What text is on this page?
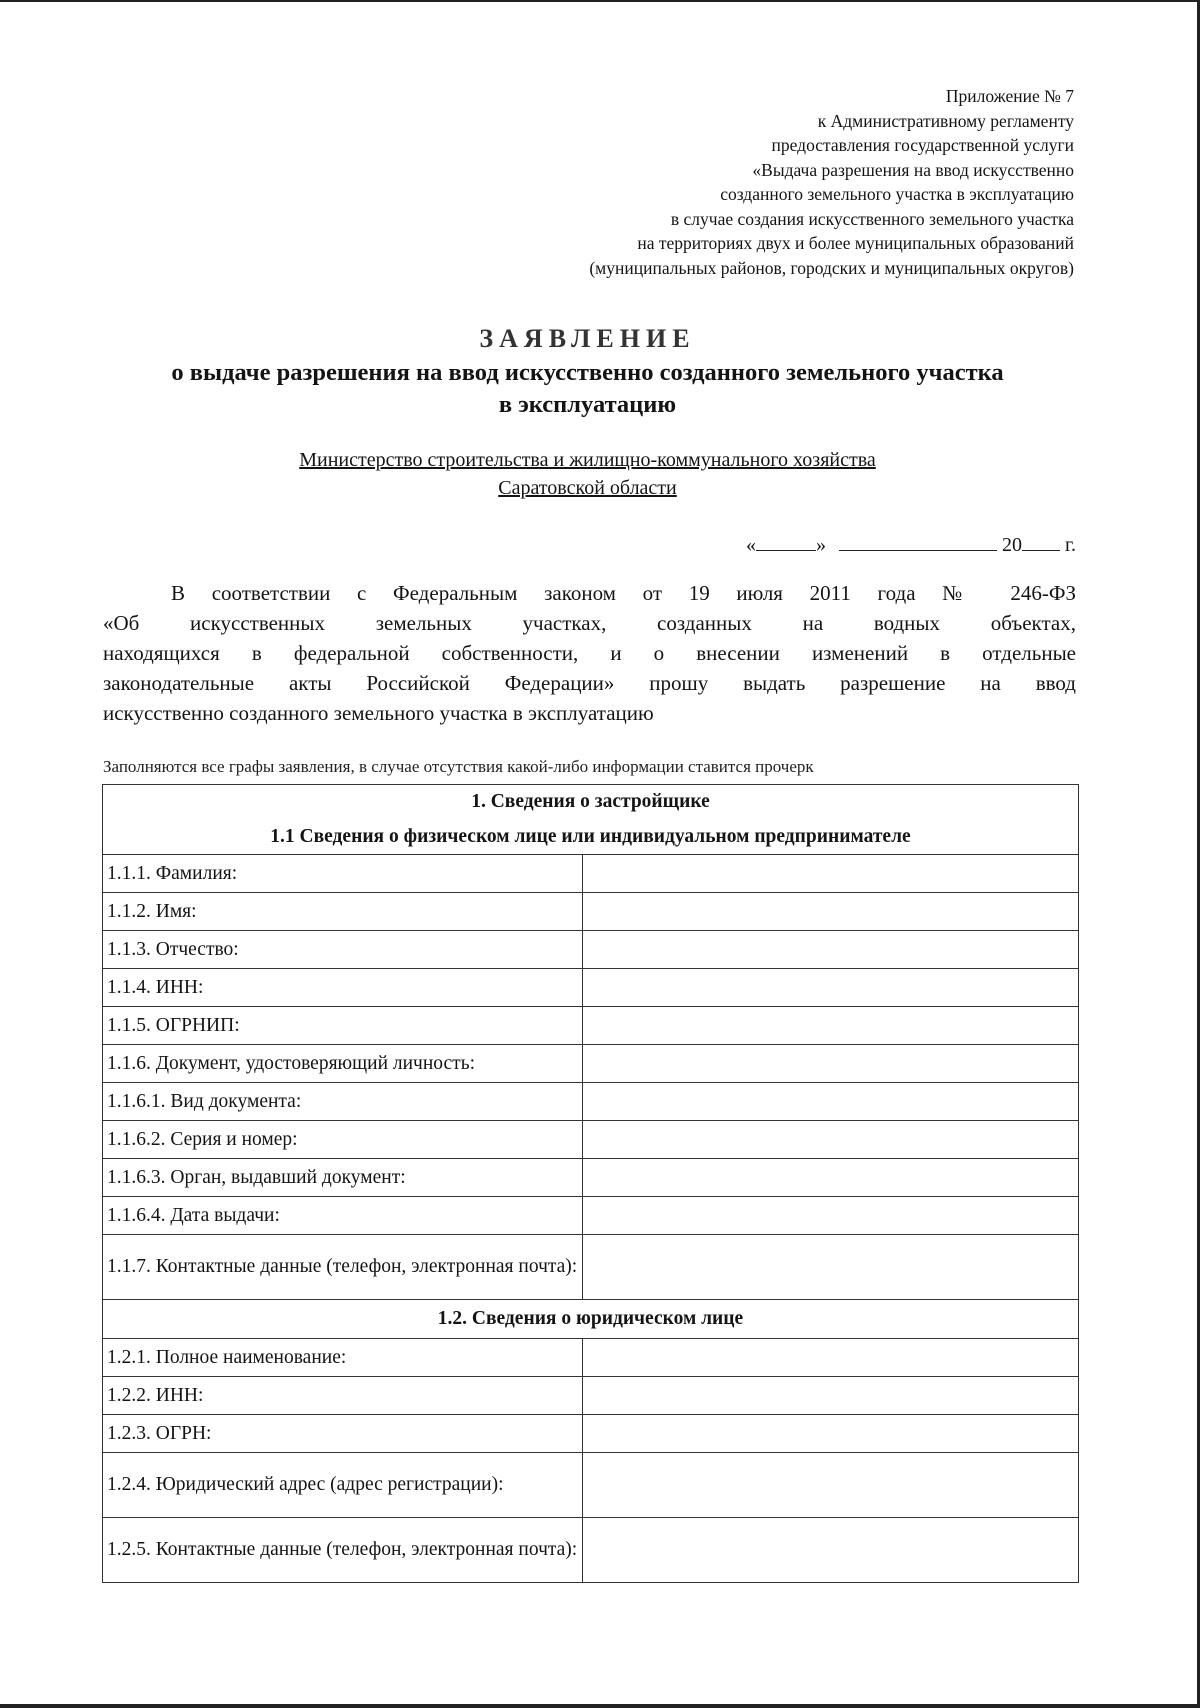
Приложение № 7
к Административному регламенту
предоставления государственной услуги
«Выдача разрешения на ввод искусственно
созданного земельного участка в эксплуатацию
в случае создания искусственного земельного участка
на территориях двух и более муниципальных образований
(муниципальных районов, городских и муниципальных округов)
ЗАЯВЛЕНИЕ
о выдаче разрешения на ввод искусственно созданного земельного участка
в эксплуатацию
Министерство строительства и жилищно-коммунального хозяйства
Саратовской области
«	»	20 г.
В соответствии с Федеральным законом от 19 июля 2011 года № 246-ФЗ
«Об искусственных земельных участках, созданных на водных объектах,
находящихся в федеральной собственности, и о внесении изменений в отдельные
законодательные акты Российской Федерации» прошу выдать разрешение на ввод
искусственно созданного земельного участка в эксплуатацию
Заполняются все графы заявления, в случае отсутствия какой-либо информации ставится прочерк
1. Сведения о застройщике	
1.1 Сведения о физическом лице или индивидуальном предпринимателе	
1.1.1. Фамилия:	
1.1.2. Имя:	
1.1.3. Отчество:	
1.1.4. ИНН:	
1.1.5. ОГРНИП:	
1.1.6. Документ, удостоверяющий личность:	
1.1.6.1. Вид документа:	
1.1.6.2. Серия и номер:	
1.1.6.3. Орган, выдавший документ:	
1.1.6.4. Дата выдачи:	
1.1.7. Контактные данные (телефон, электронная почта):	
1.2. Сведения о юридическом лице	
1.2.1. Полное наименование:	
1.2.2. ИНН:	
1.2.3. ОГРН:	
1.2.4. Юридический адрес (адрес регистрации):	
1.2.5. Контактные данные (телефон, электронная почта):	
